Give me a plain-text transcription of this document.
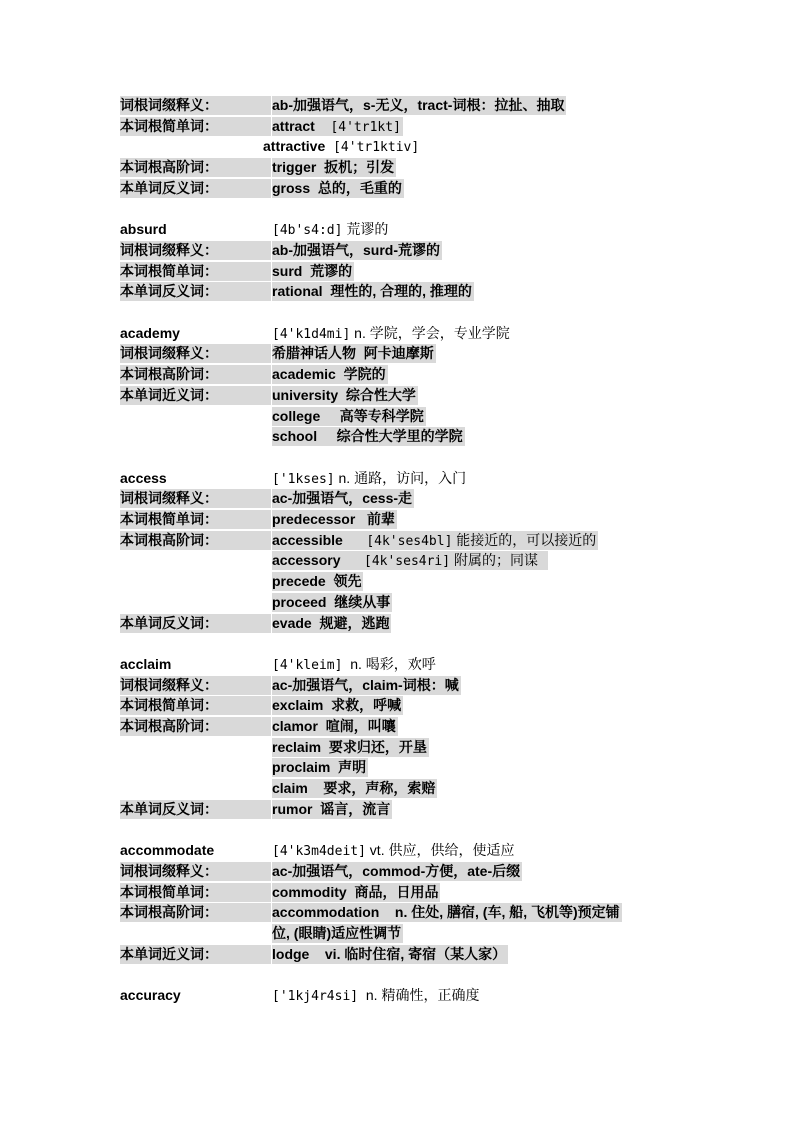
词根词缀释义：	ab-加强语气，s-无义，tract-词根：拉扯、抽取
本词根简单词：	attract  [4'tr1kt]
attractive [4'tr1ktiv]
本词根高阶词：	trigger  扳机；引发
本单词反义词：	gross  总的，毛重的
absurd	[4b's4:d] 荒谬的
词根词缀释义：	ab-加强语气，surd-荒谬的
本词根简单词：	surd  荒谬的
本单词反义词：	rational  理性的, 合理的, 推理的
academy	[4'k1d4mi] n. 学院，学会，专业学院
词根词缀释义：	希腊神话人物  阿卡迪摩斯
本词根高阶词：	academic  学院的
本单词近义词：	university  综合性大学
college     高等专科学院
school     综合性大学里的学院
access	['1kses] n. 通路，访问，入门
词根词缀释义：	ac-加强语气，cess-走
本词根简单词：	predecessor   前辈
本词根高阶词：	accessible   [4k'ses4bl] 能接近的，可以接近的
accessory   [4k'ses4ri] 附属的；同谋
precede  领先
proceed  继续从事
本单词反义词：	evade  规避，逃跑
acclaim	[4'kleim]  n. 喝彩，欢呼
词根词缀释义：	ac-加强语气，claim-词根：喊
本词根简单词：	exclaim  求救，呼喊
本词根高阶词：	clamor  喧闹，叫嚷
reclaim  要求归还，开垦
proclaim  声明
claim    要求，声称，索赔
本单词反义词：	rumor  谣言，流言
accommodate	[4'k3m4deit] vt. 供应，供给，使适应
词根词缀释义：	ac-加强语气，commod-方便，ate-后缀
本词根简单词：	commodity  商品，日用品
本词根高阶词：	accommodation    n. 住处, 膳宿, (车, 船, 飞机等)预定铺
位, (眼睛)适应性调节
本单词近义词：	lodge    vi. 临时住宿, 寄宿（某人家）
accuracy	['1kj4r4si]  n. 精确性，正确度
